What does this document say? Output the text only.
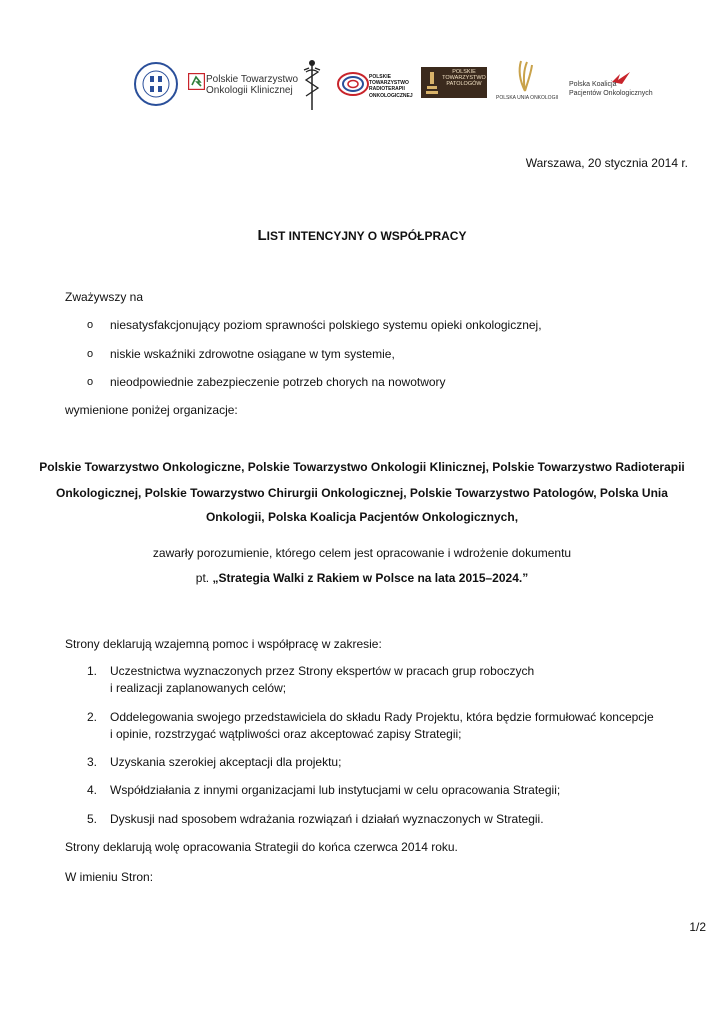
Polskie Towarzystwo
Onkologii Klinicznej
POLSKIE
TOWARZYSTWO
RADIOTERAPII
ONKOLOGICZNEJ
POLSKIE
TOWARZYSTWO
PATOLOGÓW
POLSKA UNIA ONKOLOGII
Polska Koalicja
Pacjentów Onkologicznych
Warszawa, 20 stycznia 2014 r.
LIST INTENCYJNY O WSPÓŁPRACY
Zważywszy na
o niesatysfakcjonujący poziom sprawności polskiego systemu opieki onkologicznej,
o niskie wskaźniki zdrowotne osiągane w tym systemie,
o nieodpowiednie zabezpieczenie potrzeb chorych na nowotwory
wymienione poniżej organizacje:
Polskie Towarzystwo Onkologiczne, Polskie Towarzystwo Onkologii Klinicznej, Polskie Towarzystwo Radioterapii
Onkologicznej, Polskie Towarzystwo Chirurgii Onkologicznej, Polskie Towarzystwo Patologów, Polska Unia
Onkologii, Polska Koalicja Pacjentów Onkologicznych,
zawarły porozumienie, którego celem jest opracowanie i wdrożenie dokumentu
pt. „Strategia Walki z Rakiem w Polsce na lata 2015–2024.”
Strony deklarują wzajemną pomoc i współpracę w zakresie:
1. Uczestnictwa wyznaczonych przez Strony ekspertów w pracach grup roboczych
i realizacji zaplanowanych celów;
2. Oddelegowania swojego przedstawiciela do składu Rady Projektu, która będzie formułować koncepcje
i opinie, rozstrzygać wątpliwości oraz akceptować zapisy Strategii;
3. Uzyskania szerokiej akceptacji dla projektu;
4. Współdziałania z innymi organizacjami lub instytucjami w celu opracowania Strategii;
5. Dyskusji nad sposobem wdrażania rozwiązań i działań wyznaczonych w Strategii.
Strony deklarują wolę opracowania Strategii do końca czerwca 2014 roku.
W imieniu Stron:
1/2
